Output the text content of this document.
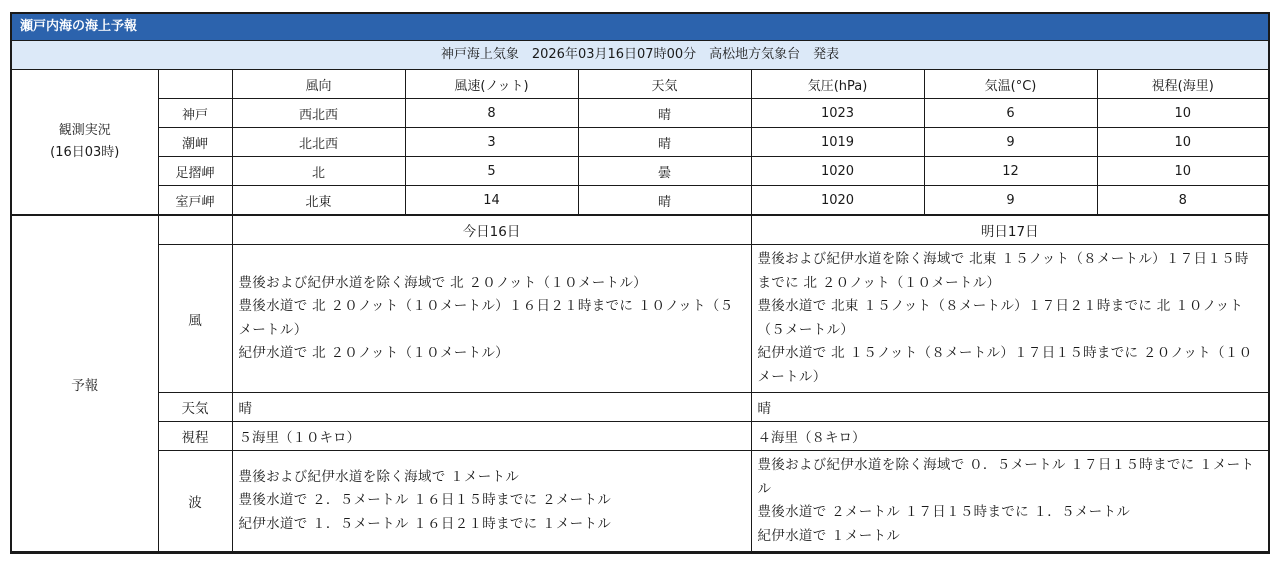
瀬戸内海の海上予報
神戸海上気象　2026年03月16日07時00分　高松地方気象台　発表
観測実況
(16日03時)		風向	風速(ノット)	天気	気圧(hPa)	気温(°C)	視程(海里)
	神戸	西北西	8	晴	1023	6	10
	潮岬	北北西	3	晴	1019	9	10
	足摺岬	北	5	曇	1020	12	10
	室戸岬	北東	14	晴	1020	9	8
予報		今日16日	明日17日
	風	豊後および紀伊水道を除く海域で 北 ２０ノット（１０メートル）
豊後水道で 北 ２０ノット（１０メートル）１６日２１時までに １０ノット（５メートル）
紀伊水道で 北 ２０ノット（１０メートル）	豊後および紀伊水道を除く海域で 北東 １５ノット（８メートル）１７日１５時までに 北 ２０ノット（１０メートル）
豊後水道で 北東 １５ノット（８メートル）１７日２１時までに 北 １０ノット（５メートル）
紀伊水道で 北 １５ノット（８メートル）１７日１５時までに ２０ノット（１０メートル）

	天気	晴	晴
	視程	５海里（１０キロ）	４海里（８キロ）
	波	豊後および紀伊水道を除く海域で １メートル
豊後水道で ２．５メートル １６日１５時までに ２メートル
紀伊水道で １．５メートル １６日２１時までに １メートル	豊後および紀伊水道を除く海域で ０．５メートル １７日１５時までに １メートル
豊後水道で ２メートル １７日１５時までに １．５メートル
紀伊水道で １メートル
